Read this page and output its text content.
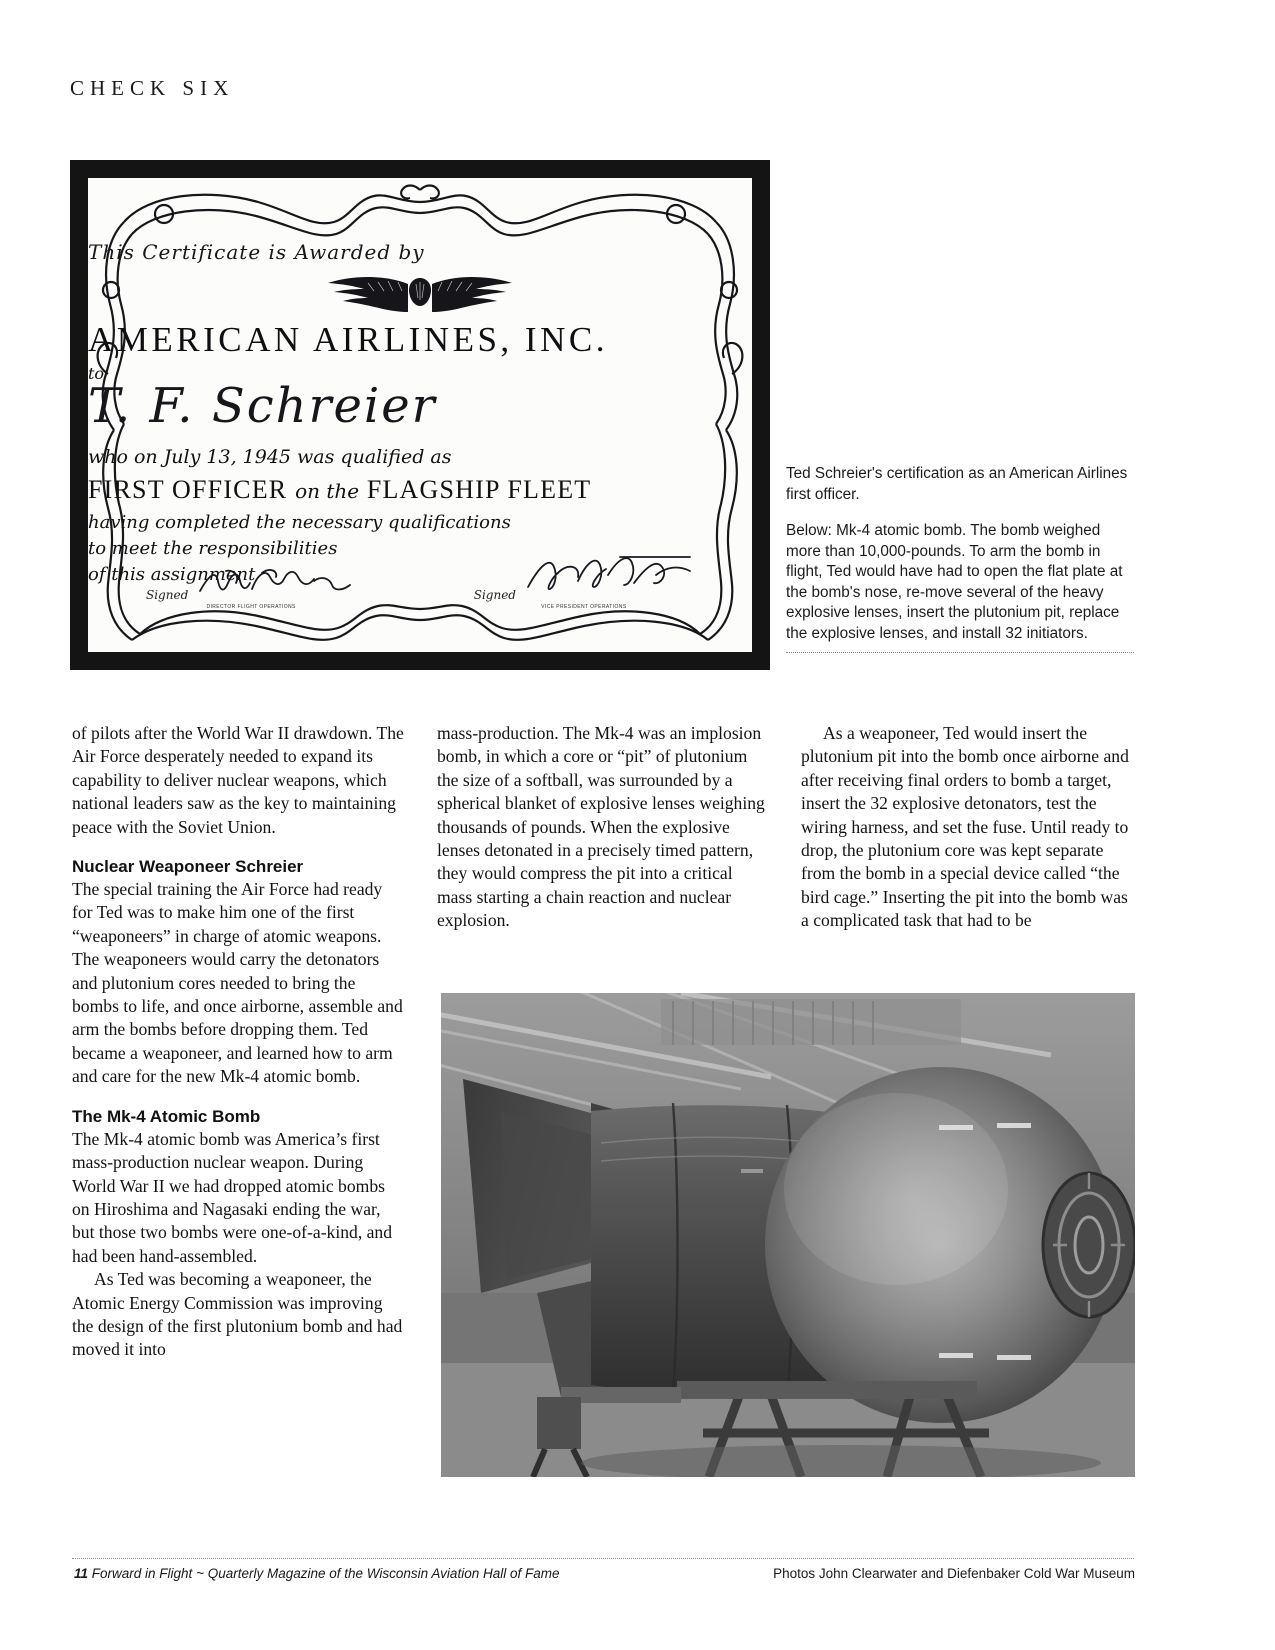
CHECK SIX
This Certificate is Awarded by
AMERICAN AIRLINES, INC.
to
T. F. Schreier
who on July 13, 1945 was qualified as
FIRST OFFICER on the FLAGSHIP FLEET
having completed the necessary qualifications
to meet the responsibilities
of this assignment
Signed
DIRECTOR FLIGHT OPERATIONS
Signed
VICE PRESIDENT OPERATIONS

Ted Schreier's certification as an American Airlines first officer.

Below: Mk-4 atomic bomb. The bomb weighed more than 10,000-pounds. To arm the bomb in flight, Ted would have had to open the flat plate at the bomb's nose, re-move several of the heavy explosive lenses, insert the plutonium pit, replace the explosive lenses, and install 32 initiators.

of pilots after the World War II drawdown. The Air Force desperately needed to expand its capability to deliver nuclear weapons, which national leaders saw as the key to maintaining peace with the Soviet Union.

Nuclear Weaponeer Schreier

The special training the Air Force had ready for Ted was to make him one of the first “weaponeers” in charge of atomic weapons. The weaponeers would carry the detonators and plutonium cores needed to bring the bombs to life, and once airborne, assemble and arm the bombs before dropping them. Ted became a weaponeer, and learned how to arm and care for the new Mk-4 atomic bomb.

The Mk-4 Atomic Bomb

The Mk-4 atomic bomb was America’s first mass-production nuclear weapon. During World War II we had dropped atomic bombs on Hiroshima and Nagasaki ending the war, but those two bombs were one-of-a-kind, and had been hand-assembled.

As Ted was becoming a weaponeer, the Atomic Energy Commission was improving the design of the first plutonium bomb and had moved it into

mass-production. The Mk-4 was an implosion bomb, in which a core or “pit” of plutonium the size of a softball, was surrounded by a spherical blanket of explosive lenses weighing thousands of pounds. When the explosive lenses detonated in a precisely timed pattern, they would compress the pit into a critical mass starting a chain reaction and nuclear explosion.

As a weaponeer, Ted would insert the plutonium pit into the bomb once airborne and after receiving final orders to bomb a target, insert the 32 explosive detonators, test the wiring harness, and set the fuse. Until ready to drop, the plutonium core was kept separate from the bomb in a special device called “the bird cage.” Inserting the pit into the bomb was a complicated task that had to be

11 Forward in Flight ~ Quarterly Magazine of the Wisconsin Aviation Hall of Fame	Photos John Clearwater and Diefenbaker Cold War Museum
